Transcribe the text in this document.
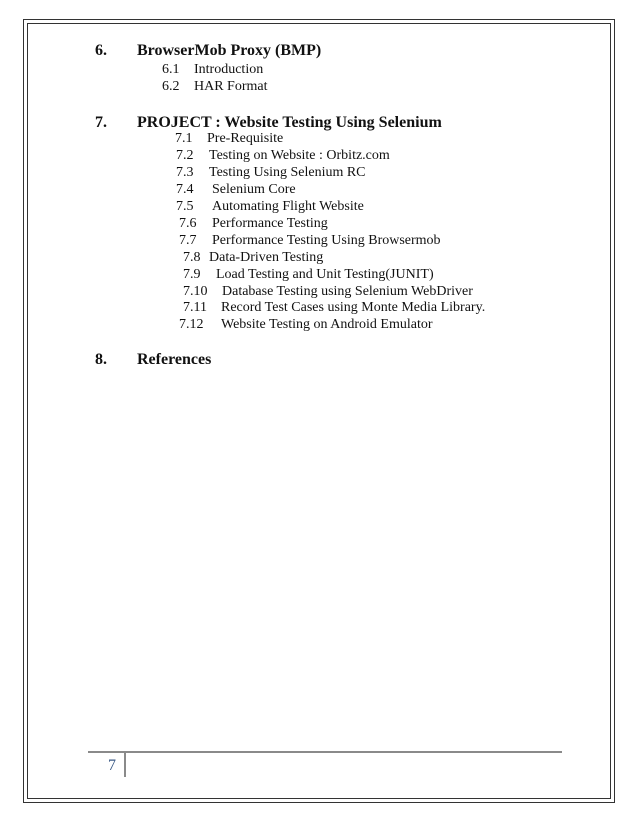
6. BrowserMob Proxy (BMP)
6.1 Introduction
6.2 HAR Format
7. PROJECT : Website Testing Using Selenium
7.1 Pre-Requisite
7.2 Testing on Website : Orbitz.com
7.3 Testing Using Selenium RC
7.4 Selenium Core
7.5 Automating Flight Website
7.6 Performance Testing
7.7 Performance Testing Using Browsermob
7.8 Data-Driven Testing
7.9 Load Testing and Unit Testing(JUNIT)
7.10 Database Testing using Selenium WebDriver
7.11 Record Test Cases using Monte Media Library.
7.12 Website Testing on Android Emulator
8. References
7
